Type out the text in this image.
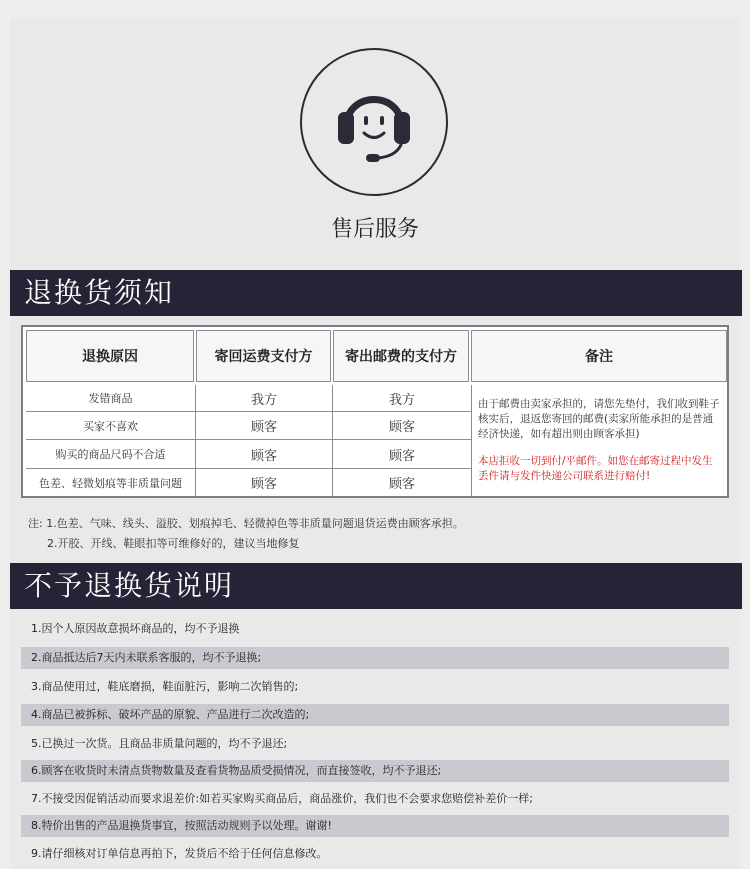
售后服务
退换货须知
退换原因	寄回运费支付方	寄出邮费的支付方	备注
发错商品	我方	我方
买家不喜欢	顾客	顾客
购买的商品尺码不合适	顾客	顾客
色差、轻微划痕等非质量问题	顾客	顾客
由于邮费由卖家承担的，请您先垫付，我们收到鞋子核实后，退返您寄回的邮费(卖家所能承担的是普通经济快递，如有超出则由顾客承担)
本店拒收一切到付/平邮件。如您在邮寄过程中发生丢件请与发件快递公司联系进行赔付!
注: 1.色差、气味、线头、溢胶、划痕掉毛、轻微掉色等非质量问题退货运费由顾客承担。
2.开胶、开线、鞋眼扣等可维修好的，建议当地修复
不予退换货说明
1.因个人原因故意损坏商品的，均不予退换
2.商品抵达后7天内未联系客服的，均不予退换;
3.商品使用过，鞋底磨损，鞋面脏污，影响二次销售的;
4.商品已被拆标、破坏产品的原貌、产品进行二次改造的;
5.已换过一次货。且商品非质量问题的，均不予退还;
6.顾客在收货时未清点货物数量及查看货物品质受损情况，而直接签收，均不予退还;
7.不接受因促销活动而要求退差价:如若买家购买商品后，商品涨价，我们也不会要求您赔偿补差价一样;
8.特价出售的产品退换货事宜，按照活动规则予以处理。谢谢!
9.请仔细核对订单信息再拍下，发货后不给于任何信息修改。
